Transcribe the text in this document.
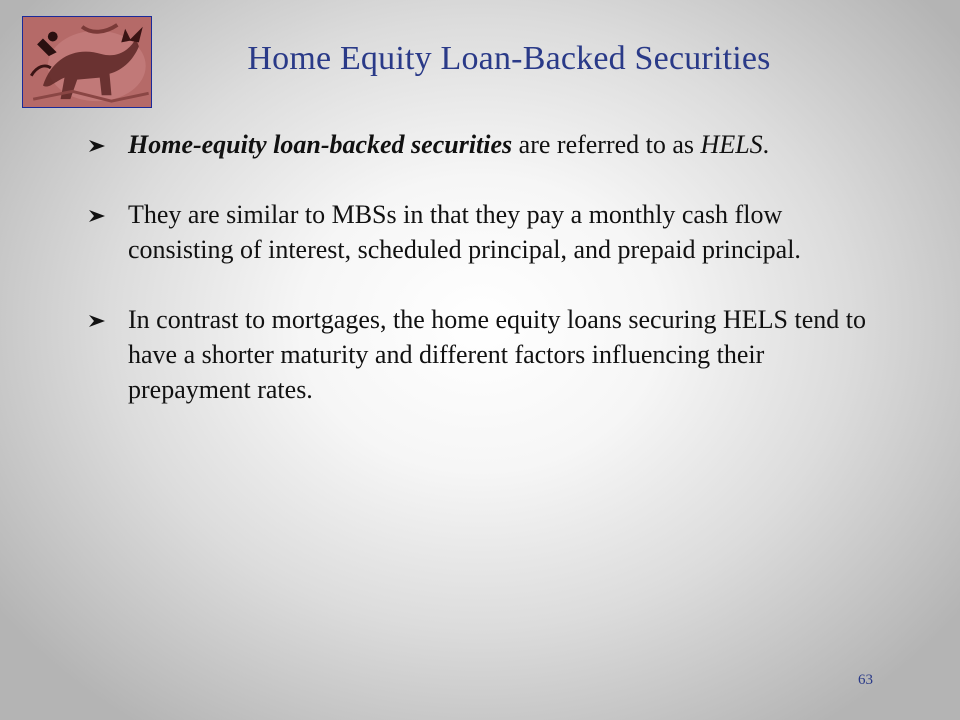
Home Equity Loan-Backed Securities
Home-equity loan-backed securities are referred to as HELS.
They are similar to MBSs in that they pay a monthly cash flow consisting of interest, scheduled principal, and prepaid principal.
In contrast to mortgages, the home equity loans securing HELS tend to have a shorter maturity and different factors influencing their prepayment rates.
63
